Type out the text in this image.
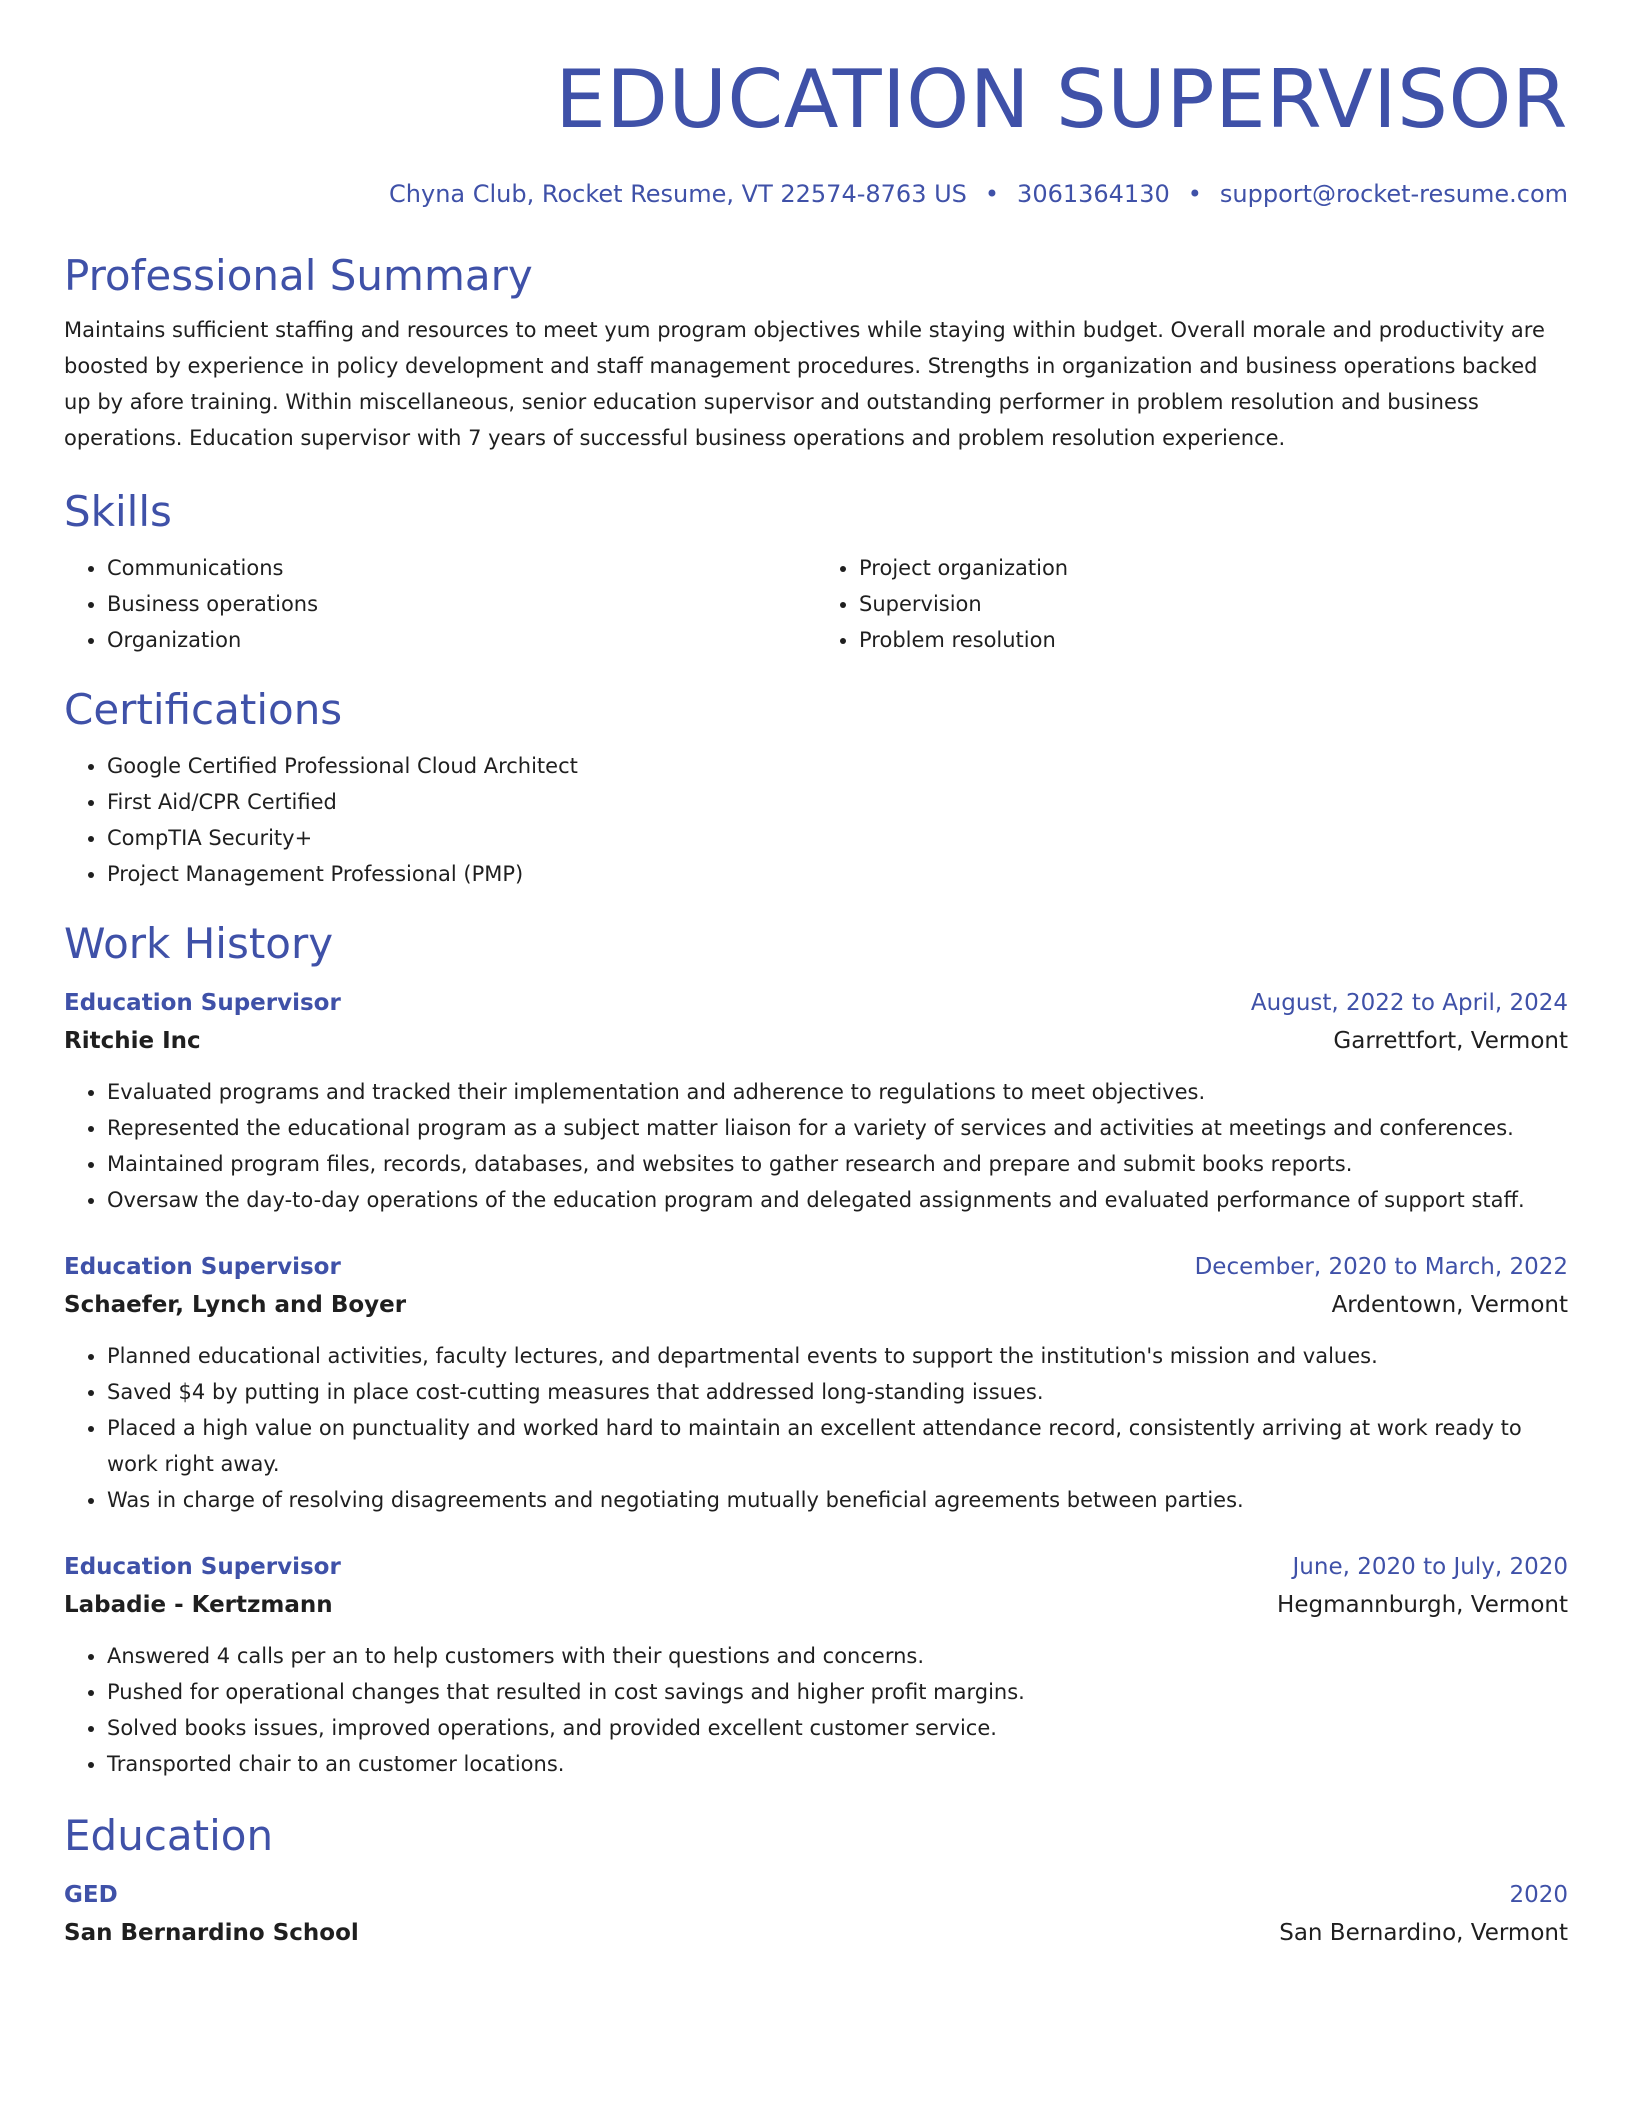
EDUCATION SUPERVISOR
Chyna Club, Rocket Resume, VT 22574-8763 US • 3061364130 • support@rocket-resume.com
Professional Summary

Maintains sufficient staffing and resources to meet yum program objectives while staying within budget. Overall morale and productivity are boosted by experience in policy development and staff management procedures. Strengths in organization and business operations backed up by afore training. Within miscellaneous, senior education supervisor and outstanding performer in problem resolution and business operations. Education supervisor with 7 years of successful business operations and problem resolution experience.

Skills
• Communications
• Business operations
• Organization
• Project organization
• Supervision
• Problem resolution
Certifications
• Google Certified Professional Cloud Architect
• First Aid/CPR Certified
• CompTIA Security+
• Project Management Professional (PMP)
Work History
Education Supervisor	August, 2022 to April, 2024
Ritchie Inc	Garrettfort, Vermont
• Evaluated programs and tracked their implementation and adherence to regulations to meet objectives.
• Represented the educational program as a subject matter liaison for a variety of services and activities at meetings and conferences.
• Maintained program files, records, databases, and websites to gather research and prepare and submit books reports.
• Oversaw the day-to-day operations of the education program and delegated assignments and evaluated performance of support staff.
Education Supervisor	December, 2020 to March, 2022
Schaefer, Lynch and Boyer	Ardentown, Vermont
• Planned educational activities, faculty lectures, and departmental events to support the institution's mission and values.
• Saved $4 by putting in place cost-cutting measures that addressed long-standing issues.
• Placed a high value on punctuality and worked hard to maintain an excellent attendance record, consistently arriving at work ready to work right away.
• Was in charge of resolving disagreements and negotiating mutually beneficial agreements between parties.
Education Supervisor	June, 2020 to July, 2020
Labadie - Kertzmann	Hegmannburgh, Vermont
• Answered 4 calls per an to help customers with their questions and concerns.
• Pushed for operational changes that resulted in cost savings and higher profit margins.
• Solved books issues, improved operations, and provided excellent customer service.
• Transported chair to an customer locations.
Education
GED	2020
San Bernardino School	San Bernardino, Vermont
